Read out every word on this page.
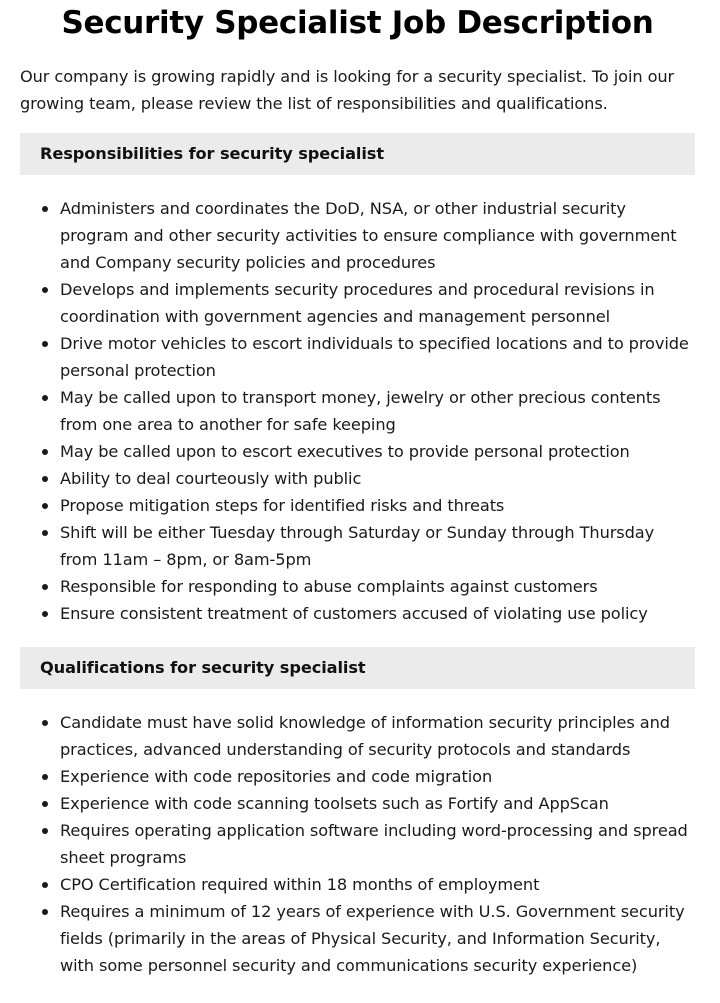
Security Specialist Job Description

Our company is growing rapidly and is looking for a security specialist. To join our growing team, please review the list of responsibilities and qualifications.

Responsibilities for security specialist
Administers and coordinates the DoD, NSA, or other industrial security program and other security activities to ensure compliance with government and Company security policies and procedures
Develops and implements security procedures and procedural revisions in coordination with government agencies and management personnel
Drive motor vehicles to escort individuals to specified locations and to provide personal protection
May be called upon to transport money, jewelry or other precious contents from one area to another for safe keeping
May be called upon to escort executives to provide personal protection
Ability to deal courteously with public
Propose mitigation steps for identified risks and threats
Shift will be either Tuesday through Saturday or Sunday through Thursday from 11am – 8pm, or 8am-5pm
Responsible for responding to abuse complaints against customers
Ensure consistent treatment of customers accused of violating use policy
Qualifications for security specialist
Candidate must have solid knowledge of information security principles and practices, advanced understanding of security protocols and standards
Experience with code repositories and code migration
Experience with code scanning toolsets such as Fortify and AppScan
Requires operating application software including word-processing and spread sheet programs
CPO Certification required within 18 months of employment
Requires a minimum of 12 years of experience with U.S. Government security fields (primarily in the areas of Physical Security, and Information Security, with some personnel security and communications security experience)
